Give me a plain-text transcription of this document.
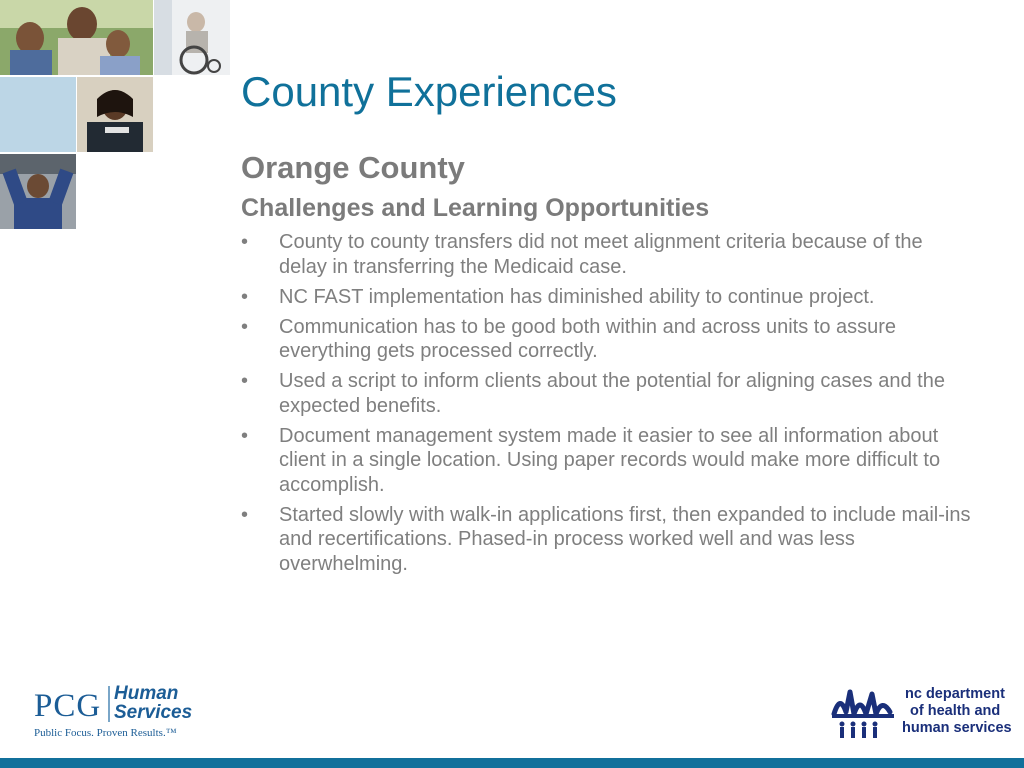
County Experiences
Orange County
Challenges and Learning Opportunities
• County to county transfers did not meet alignment criteria because of the delay in transferring the Medicaid case.
• NC FAST implementation has diminished ability to continue project.
• Communication has to be good both within and across units to assure everything gets processed correctly.
• Used a script to inform clients about the potential for aligning cases and the expected benefits.
• Document management system made it easier to see all information about client in a single location. Using paper records would make more difficult to accomplish.
• Started slowly with walk-in applications first, then expanded to include mail-ins and recertifications. Phased-in process worked well and was less overwhelming.
PCG Human
Services
Public Focus. Proven Results.™
nc department
of health and
human services
